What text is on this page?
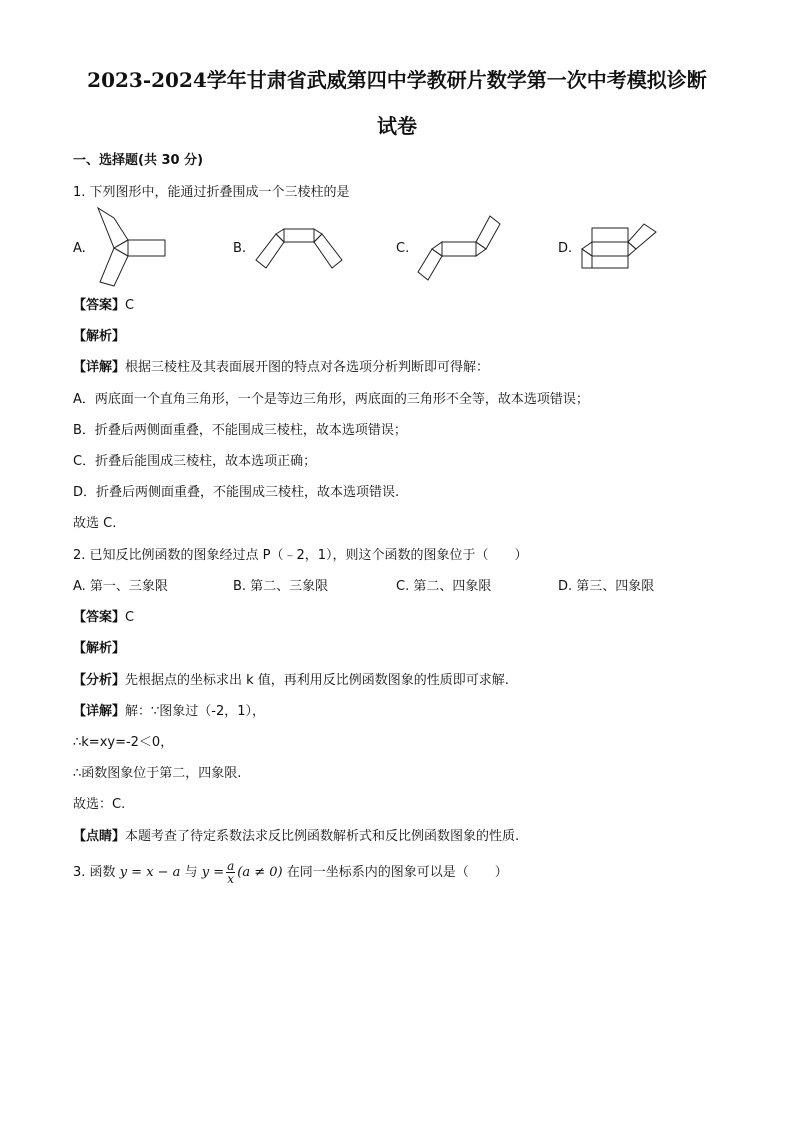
2023-2024学年甘肃省武威第四中学教研片数学第一次中考模拟诊断
试卷
一、选择题(共 30 分)
1. 下列图形中，能通过折叠围成一个三棱柱的是
A.	B.	C.	D.
【答案】C
【解析】
【详解】根据三棱柱及其表面展开图的特点对各选项分析判断即可得解：
A．两底面一个直角三角形，一个是等边三角形，两底面的三角形不全等，故本选项错误；
B．折叠后两侧面重叠，不能围成三棱柱，故本选项错误；
C．折叠后能围成三棱柱，故本选项正确；
D．折叠后两侧面重叠，不能围成三棱柱，故本选项错误.
故选 C.
2. 已知反比例函数的图象经过点 P（﹣2，1），则这个函数的图象位于（　　）
A. 第一、三象限	B. 第二、三象限	C. 第二、四象限	D. 第三、四象限
【答案】C
【解析】
【分析】先根据点的坐标求出 k 值，再利用反比例函数图象的性质即可求解.
【详解】解：∵图象过（-2，1），
∴k=xy=-2＜0，
∴函数图象位于第二，四象限.
故选：C.
【点睛】本题考查了待定系数法求反比例函数解析式和反比例函数图象的性质.
3. 函数 y = x − a 与 $y = \frac{a}{x} (a \ne 0)$ 在同一坐标系内的图象可以是（　　）
